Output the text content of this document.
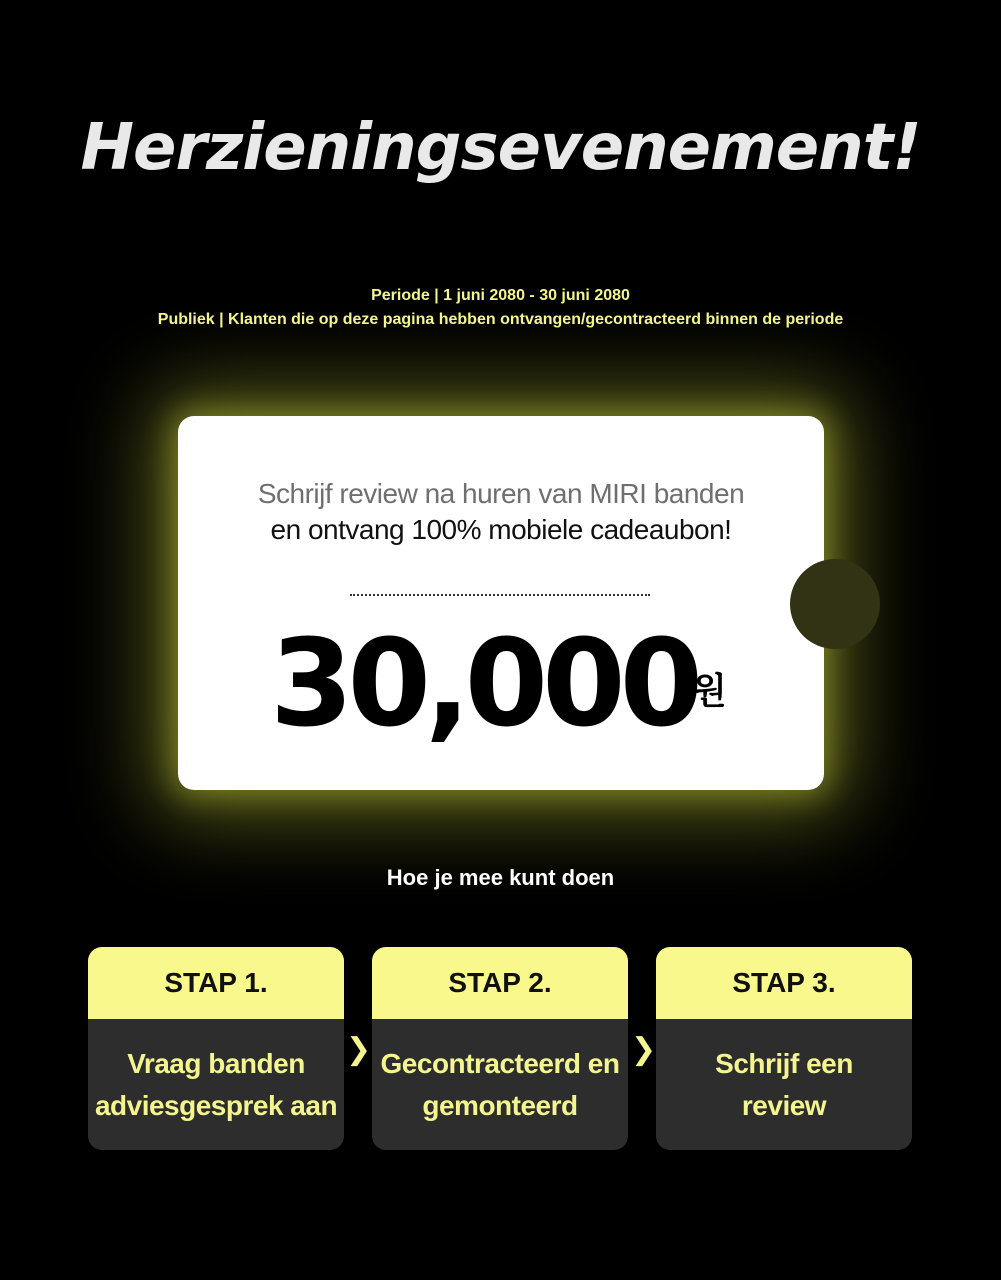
Herzieningsevenement!
Periode | 1 juni 2080 - 30 juni 2080
Publiek | Klanten die op deze pagina hebben ontvangen/gecontracteerd binnen de periode
Schrijf review na huren van MIRI banden
en ontvang 100% mobiele cadeaubon!
30,000
원
Hoe je mee kunt doen
STAP 1.
Vraag banden
adviesgesprek aan
❯
STAP 2.
Gecontracteerd en
gemonteerd
❯
STAP 3.
Schrijf een
review
